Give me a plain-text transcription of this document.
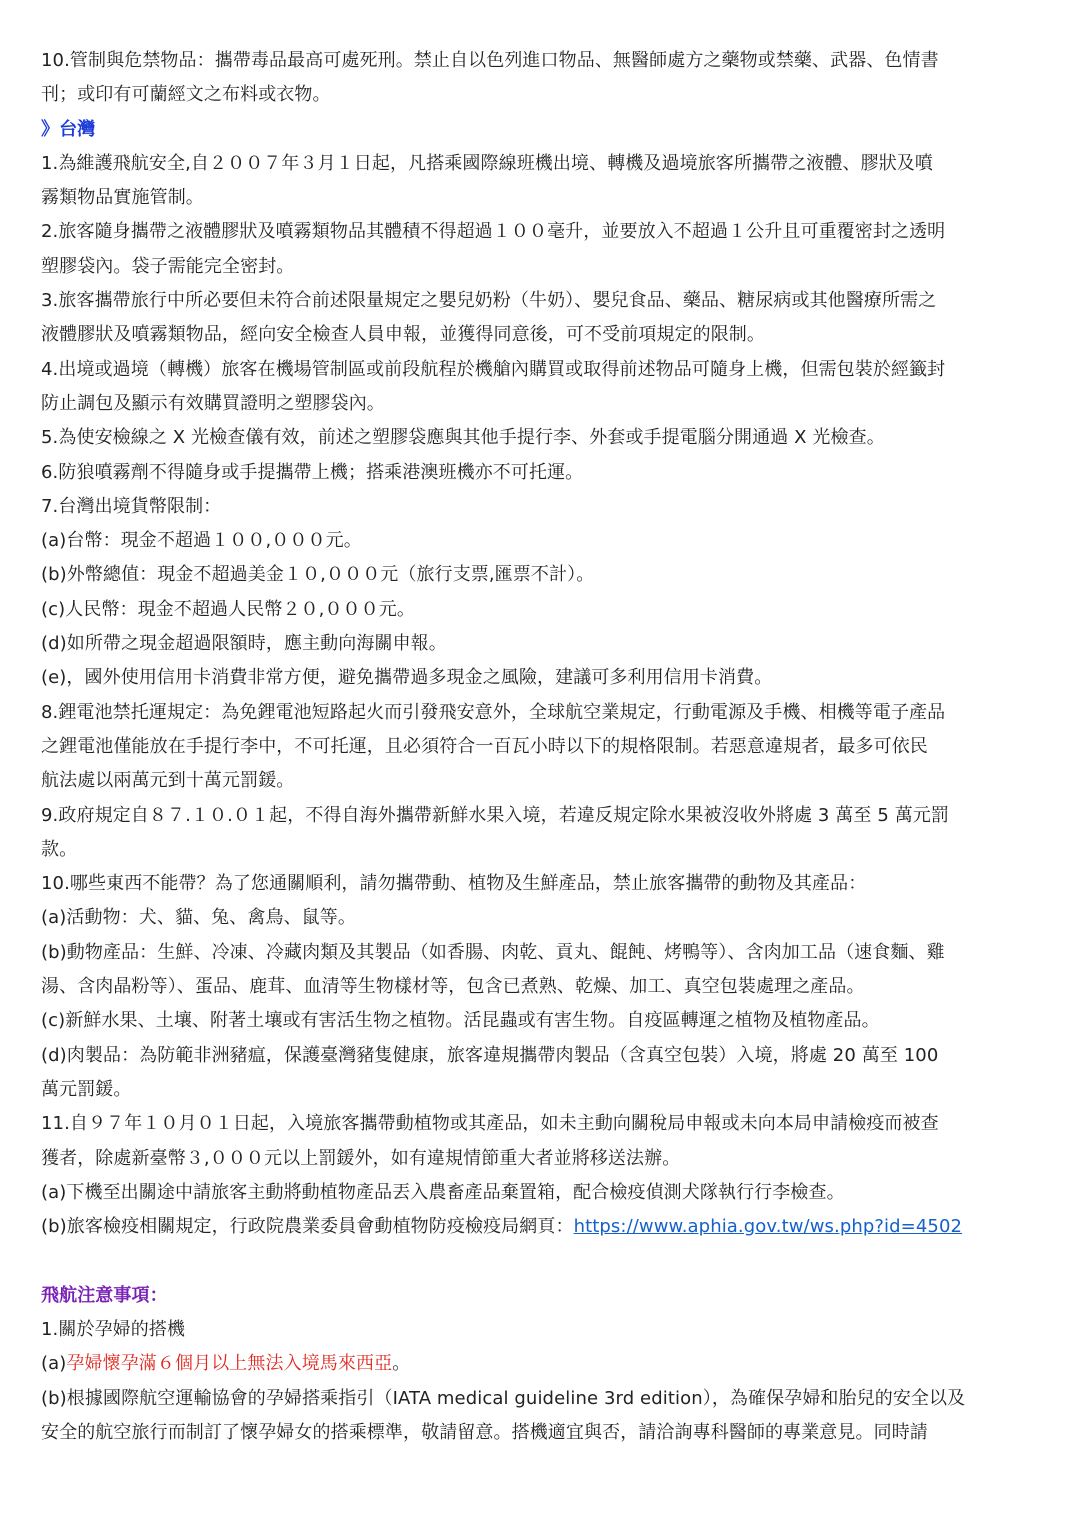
10.管制與危禁物品：攜帶毒品最高可處死刑。禁止自以色列進口物品、無醫師處方之藥物或禁藥、武器、色情書

刊；或印有可蘭經文之布料或衣物。

》台灣

1.為維護飛航安全,自２００７年３月１日起，凡搭乘國際線班機出境、轉機及過境旅客所攜帶之液體、膠狀及噴

霧類物品實施管制。

2.旅客隨身攜帶之液體膠狀及噴霧類物品其體積不得超過１００毫升，並要放入不超過１公升且可重覆密封之透明

塑膠袋內。袋子需能完全密封。

3.旅客攜帶旅行中所必要但未符合前述限量規定之嬰兒奶粉（牛奶）、嬰兒食品、藥品、糖尿病或其他醫療所需之

液體膠狀及噴霧類物品，經向安全檢查人員申報，並獲得同意後，可不受前項規定的限制。

4.出境或過境（轉機）旅客在機場管制區或前段航程於機艙內購買或取得前述物品可隨身上機，但需包裝於經籤封

防止調包及顯示有效購買證明之塑膠袋內。

5.為使安檢線之 X 光檢查儀有效，前述之塑膠袋應與其他手提行李、外套或手提電腦分開通過 X 光檢查。

6.防狼噴霧劑不得隨身或手提攜帶上機；搭乘港澳班機亦不可托運。

7.台灣出境貨幣限制：

(a)台幣：現金不超過１００,０００元。

(b)外幣總值：現金不超過美金１０,０００元（旅行支票,匯票不計）。

(c)人民幣：現金不超過人民幣２０,０００元。

(d)如所帶之現金超過限額時，應主動向海關申報。

(e)，國外使用信用卡消費非常方便，避免攜帶過多現金之風險，建議可多利用信用卡消費。

8.鋰電池禁托運規定：為免鋰電池短路起火而引發飛安意外，全球航空業規定，行動電源及手機、相機等電子產品

之鋰電池僅能放在手提行李中，不可托運，且必須符合一百瓦小時以下的規格限制。若惡意違規者，最多可依民

航法處以兩萬元到十萬元罰鍰。

9.政府規定自８７.１０.０１起，不得自海外攜帶新鮮水果入境，若違反規定除水果被沒收外將處 3 萬至 5 萬元罰

款。

10.哪些東西不能帶？為了您通關順利，請勿攜帶動、植物及生鮮產品，禁止旅客攜帶的動物及其產品：

(a)活動物：犬、貓、兔、禽鳥、鼠等。

(b)動物產品：生鮮、冷凍、冷藏肉類及其製品（如香腸、肉乾、貢丸、餛飩、烤鴨等）、含肉加工品（速食麵、雞

湯、含肉晶粉等）、蛋品、鹿茸、血清等生物樣材等，包含已煮熟、乾燥、加工、真空包裝處理之產品。

(c)新鮮水果、土壤、附著土壤或有害活生物之植物。活昆蟲或有害生物。自疫區轉運之植物及植物產品。

(d)肉製品：為防範非洲豬瘟，保護臺灣豬隻健康，旅客違規攜帶肉製品（含真空包裝）入境，將處 20 萬至 100

萬元罰鍰。

11.自９７年１０月０１日起，入境旅客攜帶動植物或其產品，如未主動向關稅局申報或未向本局申請檢疫而被查

獲者，除處新臺幣３,０００元以上罰鍰外，如有違規情節重大者並將移送法辦。

(a)下機至出關途中請旅客主動將動植物產品丟入農畜產品棄置箱，配合檢疫偵測犬隊執行行李檢查。

(b)旅客檢疫相關規定，行政院農業委員會動植物防疫檢疫局網頁：https://www.aphia.gov.tw/ws.php?id=4502

飛航注意事項：

1.關於孕婦的搭機

(a)孕婦懷孕滿６個月以上無法入境馬來西亞。

(b)根據國際航空運輸協會的孕婦搭乘指引（IATA medical guideline 3rd edition），為確保孕婦和胎兒的安全以及

安全的航空旅行而制訂了懷孕婦女的搭乘標準，敬請留意。搭機適宜與否，請洽詢專科醫師的專業意見。同時請
